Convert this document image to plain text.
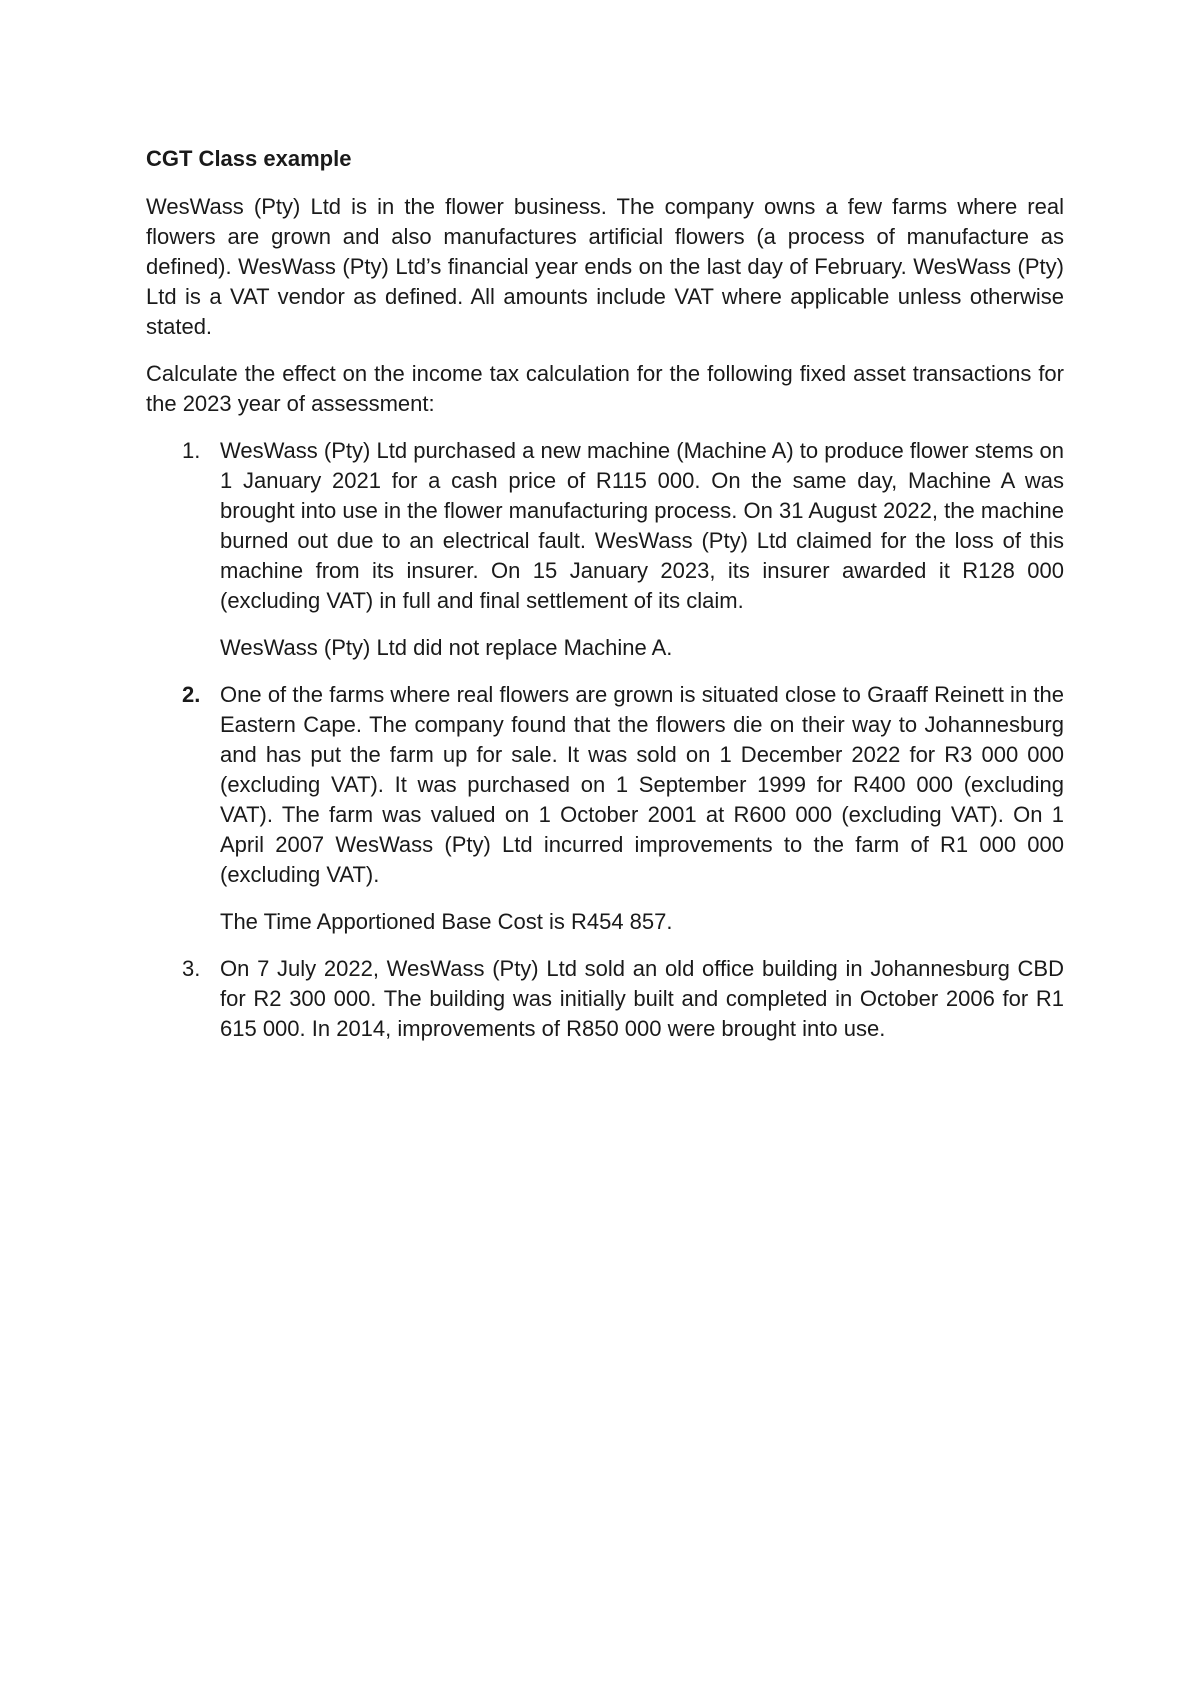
CGT Class example

WesWass (Pty) Ltd is in the flower business. The company owns a few farms where real flowers are grown and also manufactures artificial flowers (a process of manufacture as defined). WesWass (Pty) Ltd’s financial year ends on the last day of February. WesWass (Pty) Ltd is a VAT vendor as defined. All amounts include VAT where applicable unless otherwise stated.

Calculate the effect on the income tax calculation for the following fixed asset transactions for the 2023 year of assessment:

1. WesWass (Pty) Ltd purchased a new machine (Machine A) to produce flower stems on 1 January 2021 for a cash price of R115 000. On the same day, Machine A was brought into use in the flower manufacturing process. On 31 August 2022, the machine burned out due to an electrical fault. WesWass (Pty) Ltd claimed for the loss of this machine from its insurer. On 15 January 2023, its insurer awarded it R128 000 (excluding VAT) in full and final settlement of its claim.

WesWass (Pty) Ltd did not replace Machine A.

2. One of the farms where real flowers are grown is situated close to Graaff Reinett in the Eastern Cape. The company found that the flowers die on their way to Johannesburg and has put the farm up for sale. It was sold on 1 December 2022 for R3 000 000 (excluding VAT). It was purchased on 1 September 1999 for R400 000 (excluding VAT). The farm was valued on 1 October 2001 at R600 000 (excluding VAT). On 1 April 2007 WesWass (Pty) Ltd incurred improvements to the farm of R1 000 000 (excluding VAT).

The Time Apportioned Base Cost is R454 857.

3. On 7 July 2022, WesWass (Pty) Ltd sold an old office building in Johannesburg CBD for R2 300 000. The building was initially built and completed in October 2006 for R1 615 000. In 2014, improvements of R850 000 were brought into use.
